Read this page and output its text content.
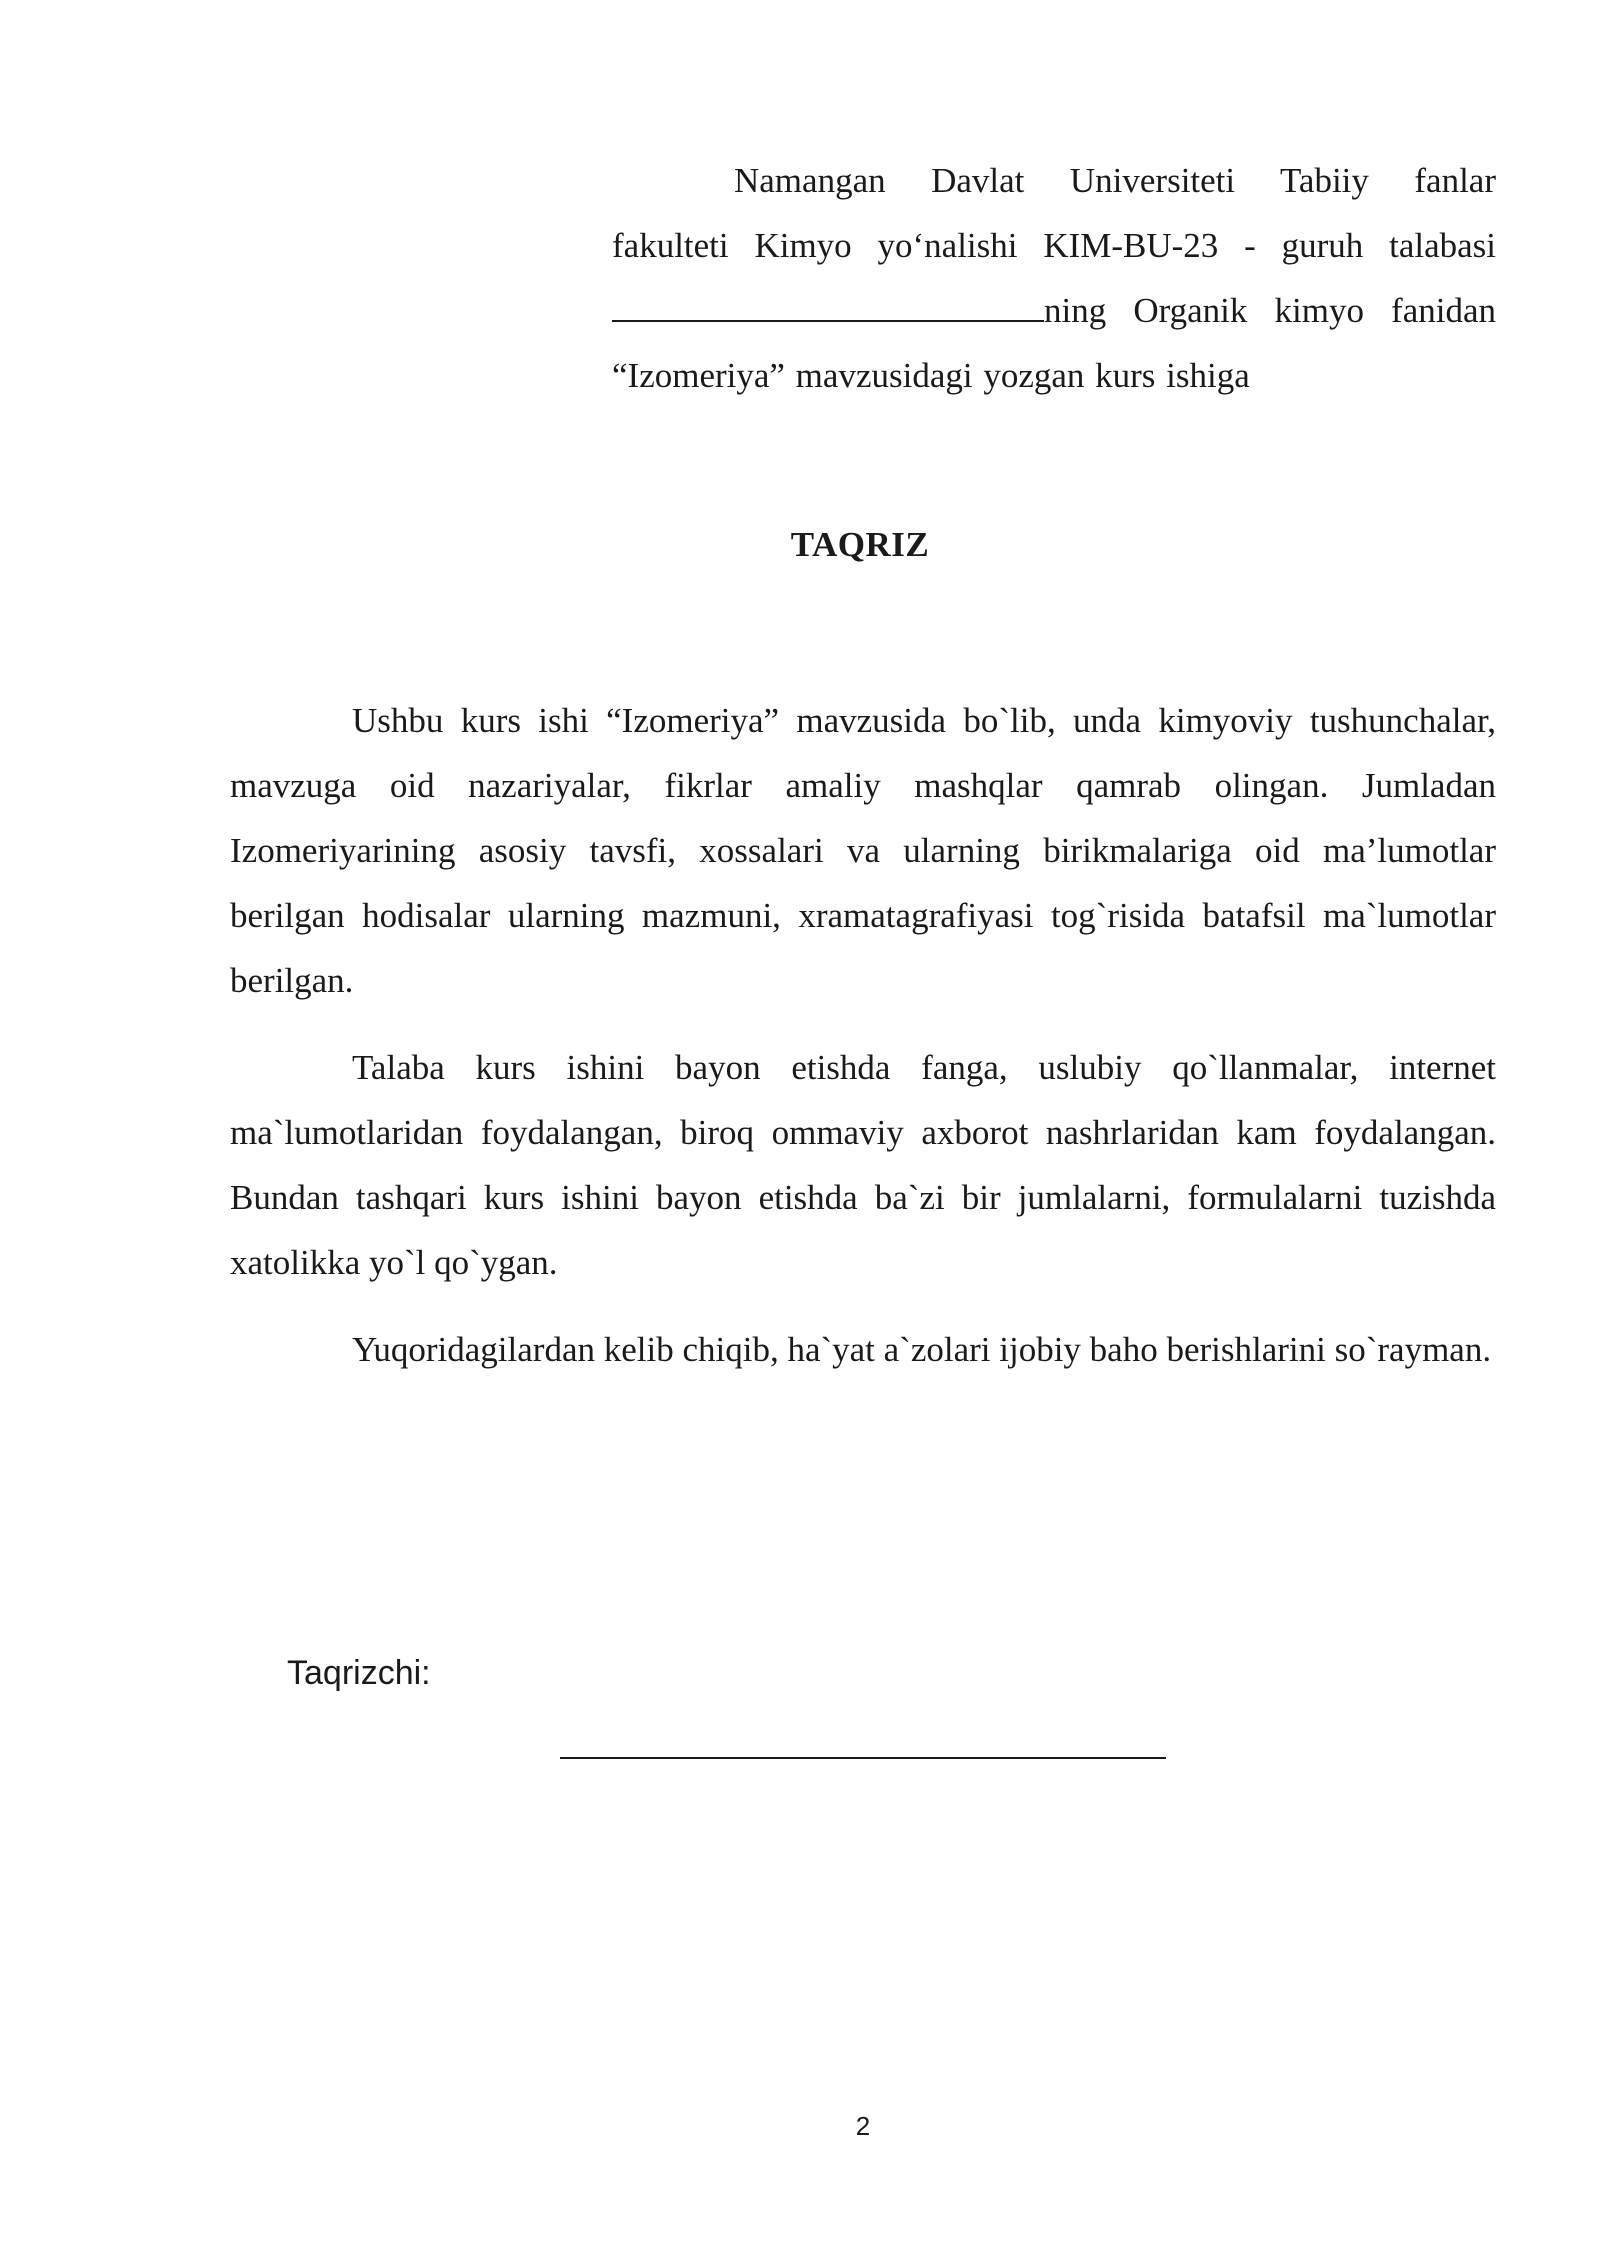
Namangan Davlat Universiteti Tabiiy fanlar
fakulteti Kimyo yo‘nalishi KIM-BU-23 - guruh talabasi
ning Organik kimyo fanidan
“Izomeriya” mavzusidagi yozgan kurs ishiga
TAQRIZ

Ushbu kurs ishi “Izomeriya” mavzusida bo`lib, unda kimyoviy tushunchalar, mavzuga oid nazariyalar, fikrlar amaliy mashqlar qamrab olingan. Jumladan Izomeriyarining asosiy tavsfi, xossalari va ularning birikmalariga oid ma’lumotlar berilgan hodisalar ularning mazmuni, xramatagrafiyasi tog`risida batafsil ma`lumotlar berilgan.

Talaba kurs ishini bayon etishda fanga, uslubiy qo`llanmalar, internet ma`lumotlaridan foydalangan, biroq ommaviy axborot nashrlaridan kam foydalangan. Bundan tashqari kurs ishini bayon etishda ba`zi bir jumlalarni, formulalarni tuzishda xatolikka yo`l qo`ygan.

Yuqoridagilardan kelib chiqib, ha`yat a`zolari ijobiy baho berishlarini so`rayman.

Taqrizchi:
2
